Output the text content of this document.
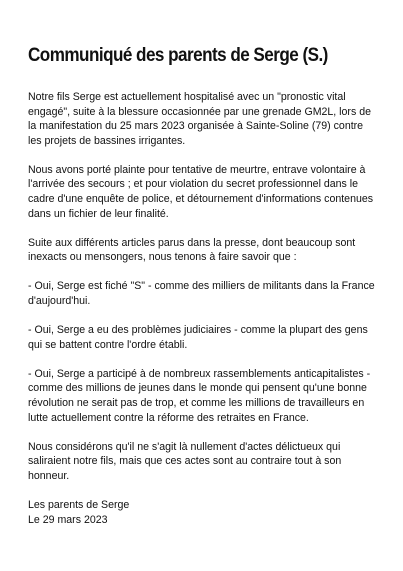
Communiqué des parents de Serge (S.)

Notre fils Serge est actuellement hospitalisé avec un "pronostic vital engagé", suite à la blessure occasionnée par une grenade GM2L, lors de la manifestation du 25 mars 2023 organisée à Sainte-Soline (79) contre les projets de bassines irrigantes.

Nous avons porté plainte pour tentative de meurtre, entrave volontaire à l'arrivée des secours ; et pour violation du secret professionnel dans le cadre d'une enquête de police, et détournement d'informations contenues dans un fichier de leur finalité.

Suite aux différents articles parus dans la presse, dont beaucoup sont inexacts ou mensongers, nous tenons à faire savoir que :

- Oui, Serge est fiché "S" - comme des milliers de militants dans la France d'aujourd'hui.

- Oui, Serge a eu des problèmes judiciaires - comme la plupart des gens qui se battent contre l'ordre établi.

- Oui, Serge a participé à de nombreux rassemblements anticapitalistes - comme des millions de jeunes dans le monde qui pensent qu'une bonne révolution ne serait pas de trop, et comme les millions de travailleurs en lutte actuellement contre la réforme des retraites en France.

Nous considérons qu'il ne s'agit là nullement d'actes délictueux qui saliraient notre fils, mais que ces actes sont au contraire tout à son honneur.

Les parents de Serge

Le 29 mars 2023
